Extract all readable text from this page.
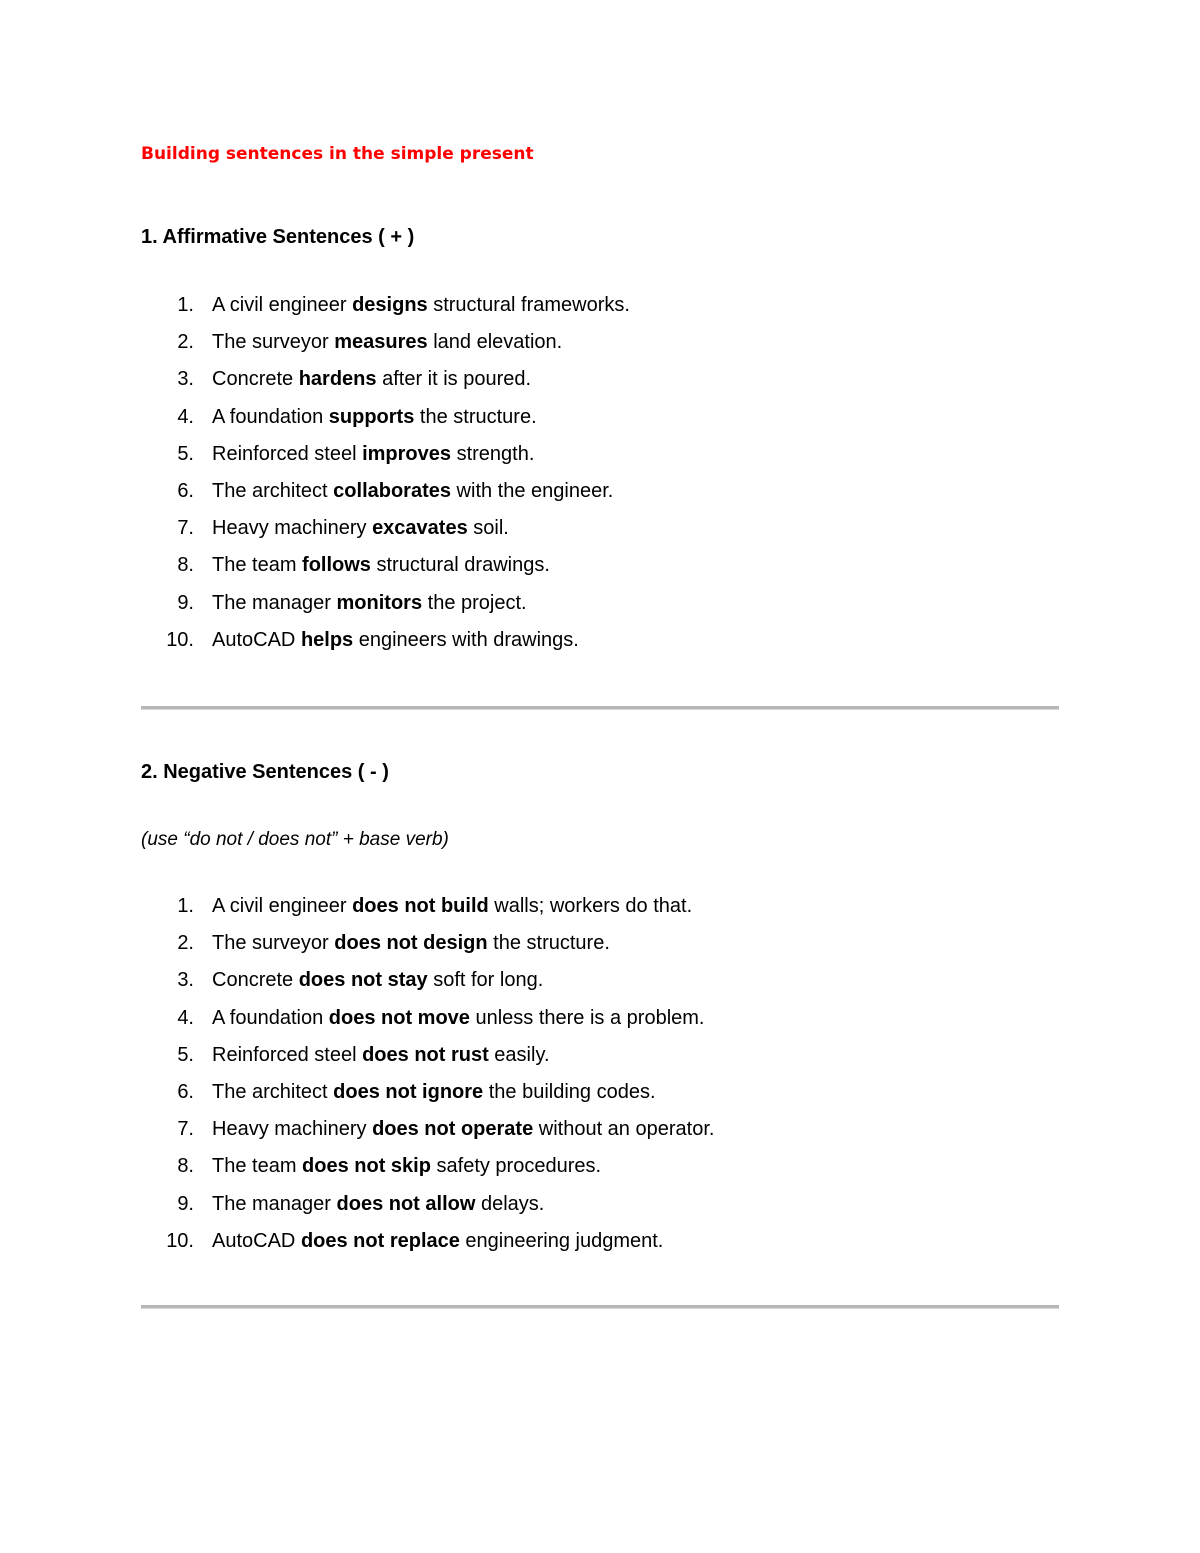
Building sentences in the simple present
1. Affirmative Sentences ( + )
1. A civil engineer designs structural frameworks.
2. The surveyor measures land elevation.
3. Concrete hardens after it is poured.
4. A foundation supports the structure.
5. Reinforced steel improves strength.
6. The architect collaborates with the engineer.
7. Heavy machinery excavates soil.
8. The team follows structural drawings.
9. The manager monitors the project.
10. AutoCAD helps engineers with drawings.
2. Negative Sentences ( - )
(use “do not / does not” + base verb)
1. A civil engineer does not build walls; workers do that.
2. The surveyor does not design the structure.
3. Concrete does not stay soft for long.
4. A foundation does not move unless there is a problem.
5. Reinforced steel does not rust easily.
6. The architect does not ignore the building codes.
7. Heavy machinery does not operate without an operator.
8. The team does not skip safety procedures.
9. The manager does not allow delays.
10. AutoCAD does not replace engineering judgment.
